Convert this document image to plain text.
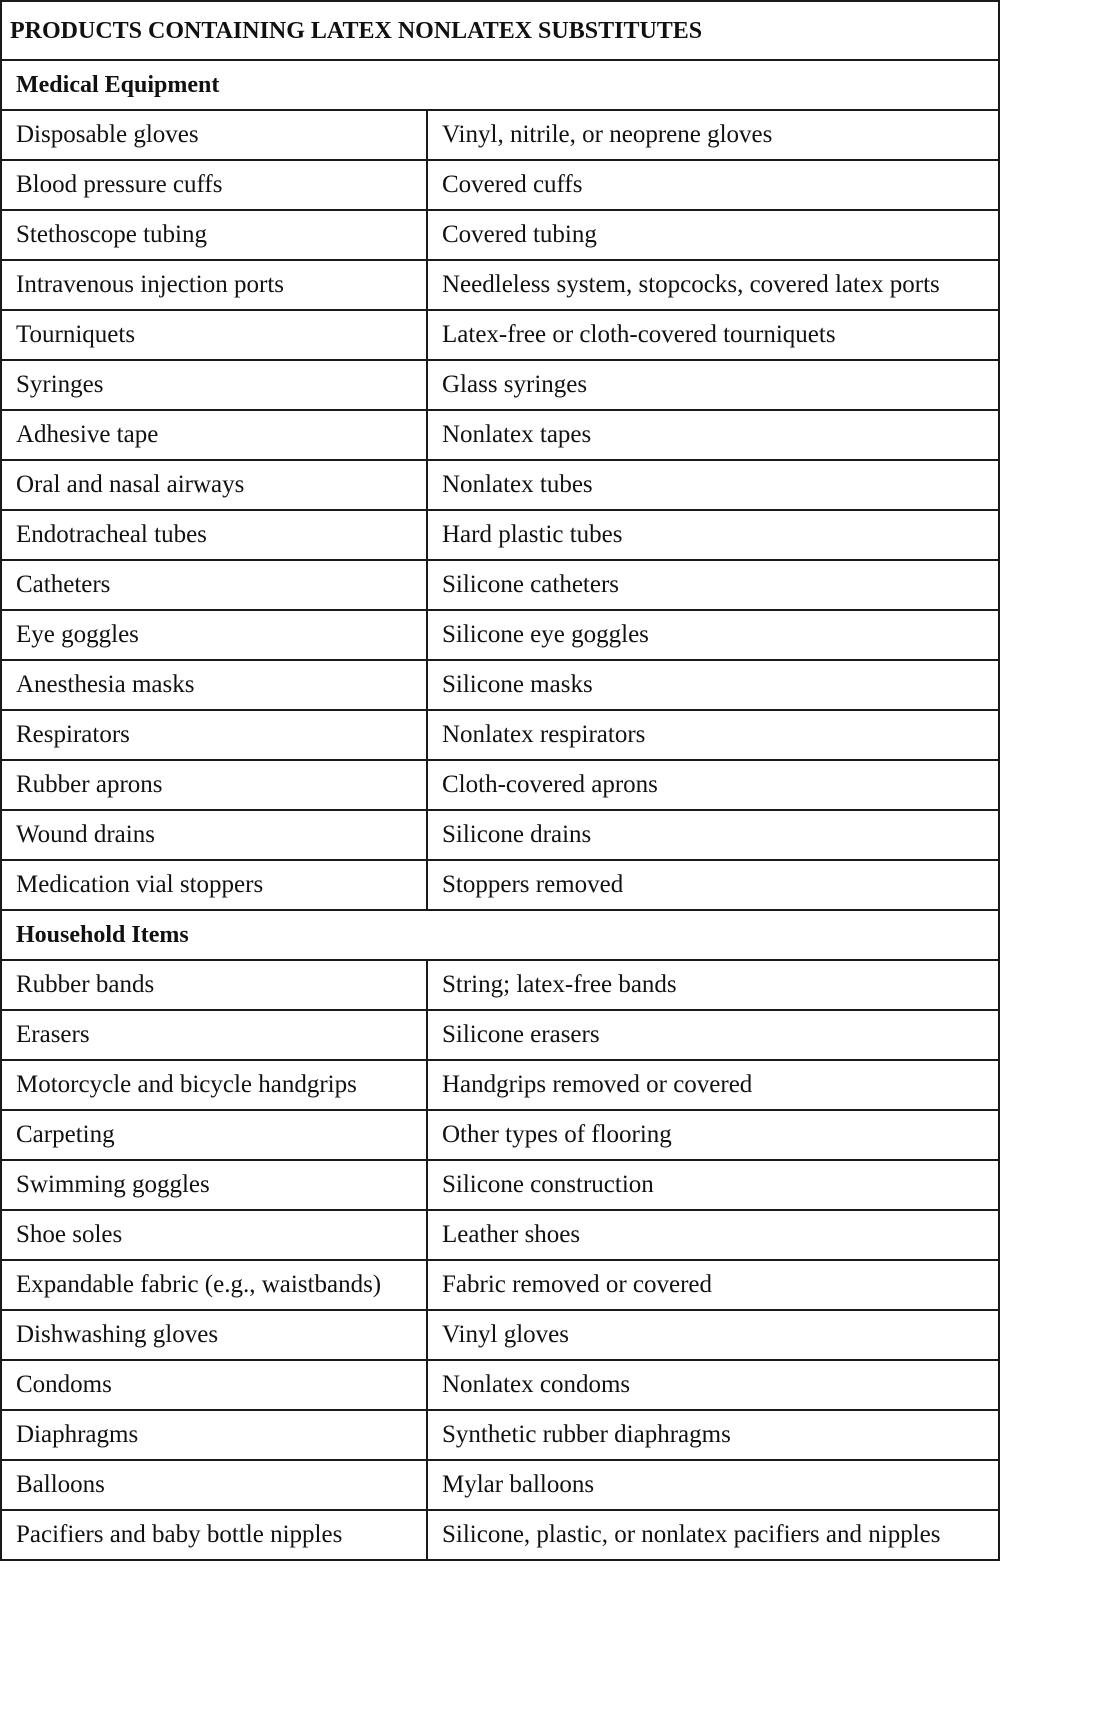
PRODUCTS CONTAINING LATEX NONLATEX SUBSTITUTES	
Medical Equipment	
Disposable gloves	Vinyl, nitrile, or neoprene gloves
Blood pressure cuffs	Covered cuffs
Stethoscope tubing	Covered tubing
Intravenous injection ports	Needleless system, stopcocks, covered latex ports
Tourniquets	Latex-free or cloth-covered tourniquets
Syringes	Glass syringes
Adhesive tape	Nonlatex tapes
Oral and nasal airways	Nonlatex tubes
Endotracheal tubes	Hard plastic tubes
Catheters	Silicone catheters
Eye goggles	Silicone eye goggles
Anesthesia masks	Silicone masks
Respirators	Nonlatex respirators
Rubber aprons	Cloth-covered aprons
Wound drains	Silicone drains
Medication vial stoppers	Stoppers removed
Household Items	
Rubber bands	String; latex-free bands
Erasers	Silicone erasers
Motorcycle and bicycle handgrips	Handgrips removed or covered
Carpeting	Other types of flooring
Swimming goggles	Silicone construction
Shoe soles	Leather shoes
Expandable fabric (e.g., waistbands)	Fabric removed or covered
Dishwashing gloves	Vinyl gloves
Condoms	Nonlatex condoms
Diaphragms	Synthetic rubber diaphragms
Balloons	Mylar balloons
Pacifiers and baby bottle nipples	Silicone, plastic, or nonlatex pacifiers and nipples
